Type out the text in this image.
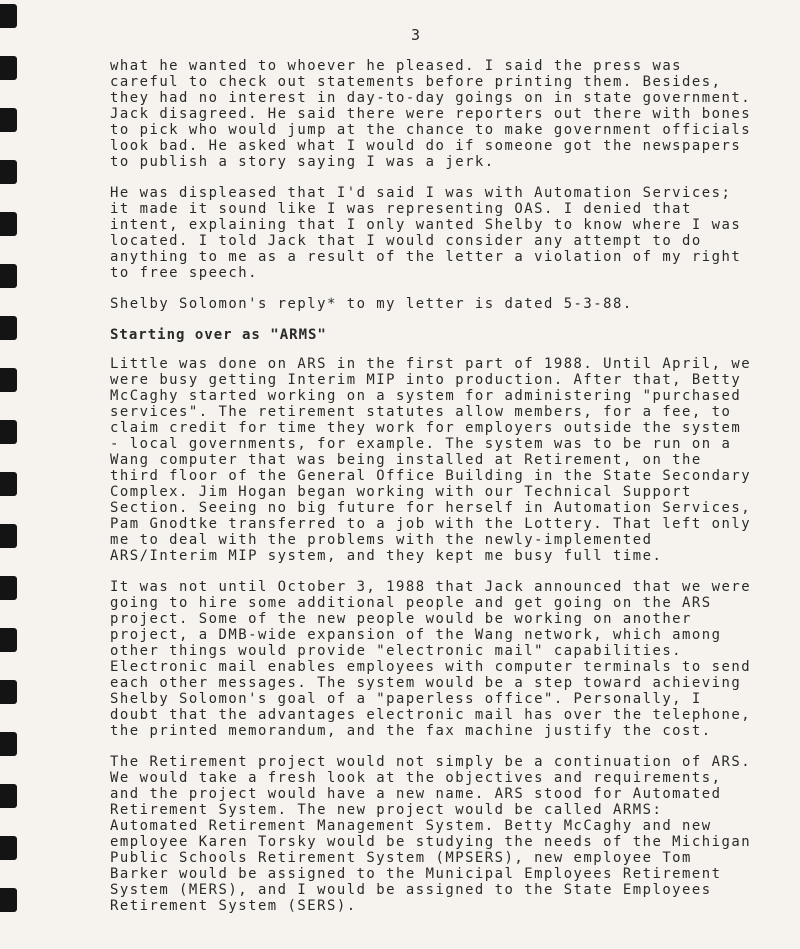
3

what he wanted to whoever he pleased. I said the press was
careful to check out statements before printing them. Besides,
they had no interest in day-to-day goings on in state government.
Jack disagreed. He said there were reporters out there with bones
to pick who would jump at the chance to make government officials
look bad. He asked what I would do if someone got the newspapers
to publish a story saying I was a jerk.

He was displeased that I'd said I was with Automation Services;
it made it sound like I was representing OAS. I denied that
intent, explaining that I only wanted Shelby to know where I was
located. I told Jack that I would consider any attempt to do
anything to me as a result of the letter a violation of my right
to free speech.

Shelby Solomon's reply* to my letter is dated 5-3-88.

Starting over as "ARMS"

Little was done on ARS in the first part of 1988. Until April, we
were busy getting Interim MIP into production. After that, Betty
McCaghy started working on a system for administering "purchased
services". The retirement statutes allow members, for a fee, to
claim credit for time they work for employers outside the system
- local governments, for example. The system was to be run on a
Wang computer that was being installed at Retirement, on the
third floor of the General Office Building in the State Secondary
Complex. Jim Hogan began working with our Technical Support
Section. Seeing no big future for herself in Automation Services,
Pam Gnodtke transferred to a job with the Lottery. That left only
me to deal with the problems with the newly-implemented
ARS/Interim MIP system, and they kept me busy full time.

It was not until October 3, 1988 that Jack announced that we were
going to hire some additional people and get going on the ARS
project. Some of the new people would be working on another
project, a DMB-wide expansion of the Wang network, which among
other things would provide "electronic mail" capabilities.
Electronic mail enables employees with computer terminals to send
each other messages. The system would be a step toward achieving
Shelby Solomon's goal of a "paperless office". Personally, I
doubt that the advantages electronic mail has over the telephone,
the printed memorandum, and the fax machine justify the cost.

The Retirement project would not simply be a continuation of ARS.
We would take a fresh look at the objectives and requirements,
and the project would have a new name. ARS stood for Automated
Retirement System. The new project would be called ARMS:
Automated Retirement Management System. Betty McCaghy and new
employee Karen Torsky would be studying the needs of the Michigan
Public Schools Retirement System (MPSERS), new employee Tom
Barker would be assigned to the Municipal Employees Retirement
System (MERS), and I would be assigned to the State Employees
Retirement System (SERS).
